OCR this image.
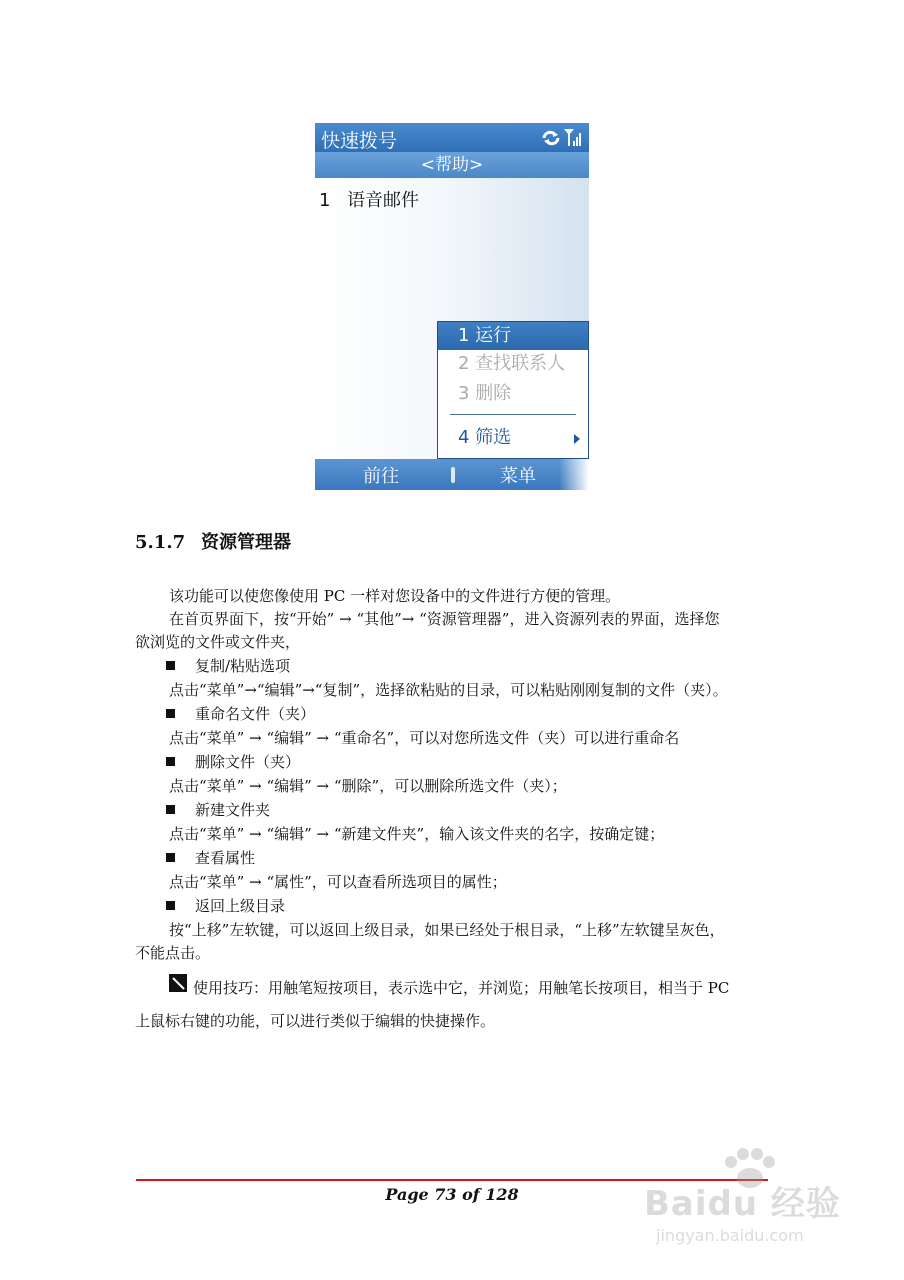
快速拨号
<帮助>
1 语音邮件
1 运行
2 查找联系人
3 删除
4 筛选
前往	菜单
5.1.7 资源管理器
该功能可以使您像使用 PC 一样对您设备中的文件进行方便的管理。
在首页界面下，按“开始” → “其他”→ “资源管理器”，进入资源列表的界面，选择您
欲浏览的文件或文件夹，
复制/粘贴选项
点击“菜单”→“编辑”→“复制”，选择欲粘贴的目录，可以粘贴刚刚复制的文件（夹）。
重命名文件（夹）
点击“菜单” → “编辑” → “重命名”，可以对您所选文件（夹）可以进行重命名
删除文件（夹）
点击“菜单” → “编辑” → “删除”，可以删除所选文件（夹）；
新建文件夹
点击“菜单” → “编辑” → “新建文件夹”，输入该文件夹的名字，按确定键；
查看属性
点击“菜单” → “属性”，可以查看所选项目的属性；
返回上级目录
按“上移”左软键，可以返回上级目录，如果已经处于根目录，“上移”左软键呈灰色，
不能点击。
使用技巧：用触笔短按项目，表示选中它，并浏览；用触笔长按项目，相当于 PC
上鼠标右键的功能，可以进行类似于编辑的快捷操作。
Page 73 of 128	Baidu 经验
jingyan.baidu.com
